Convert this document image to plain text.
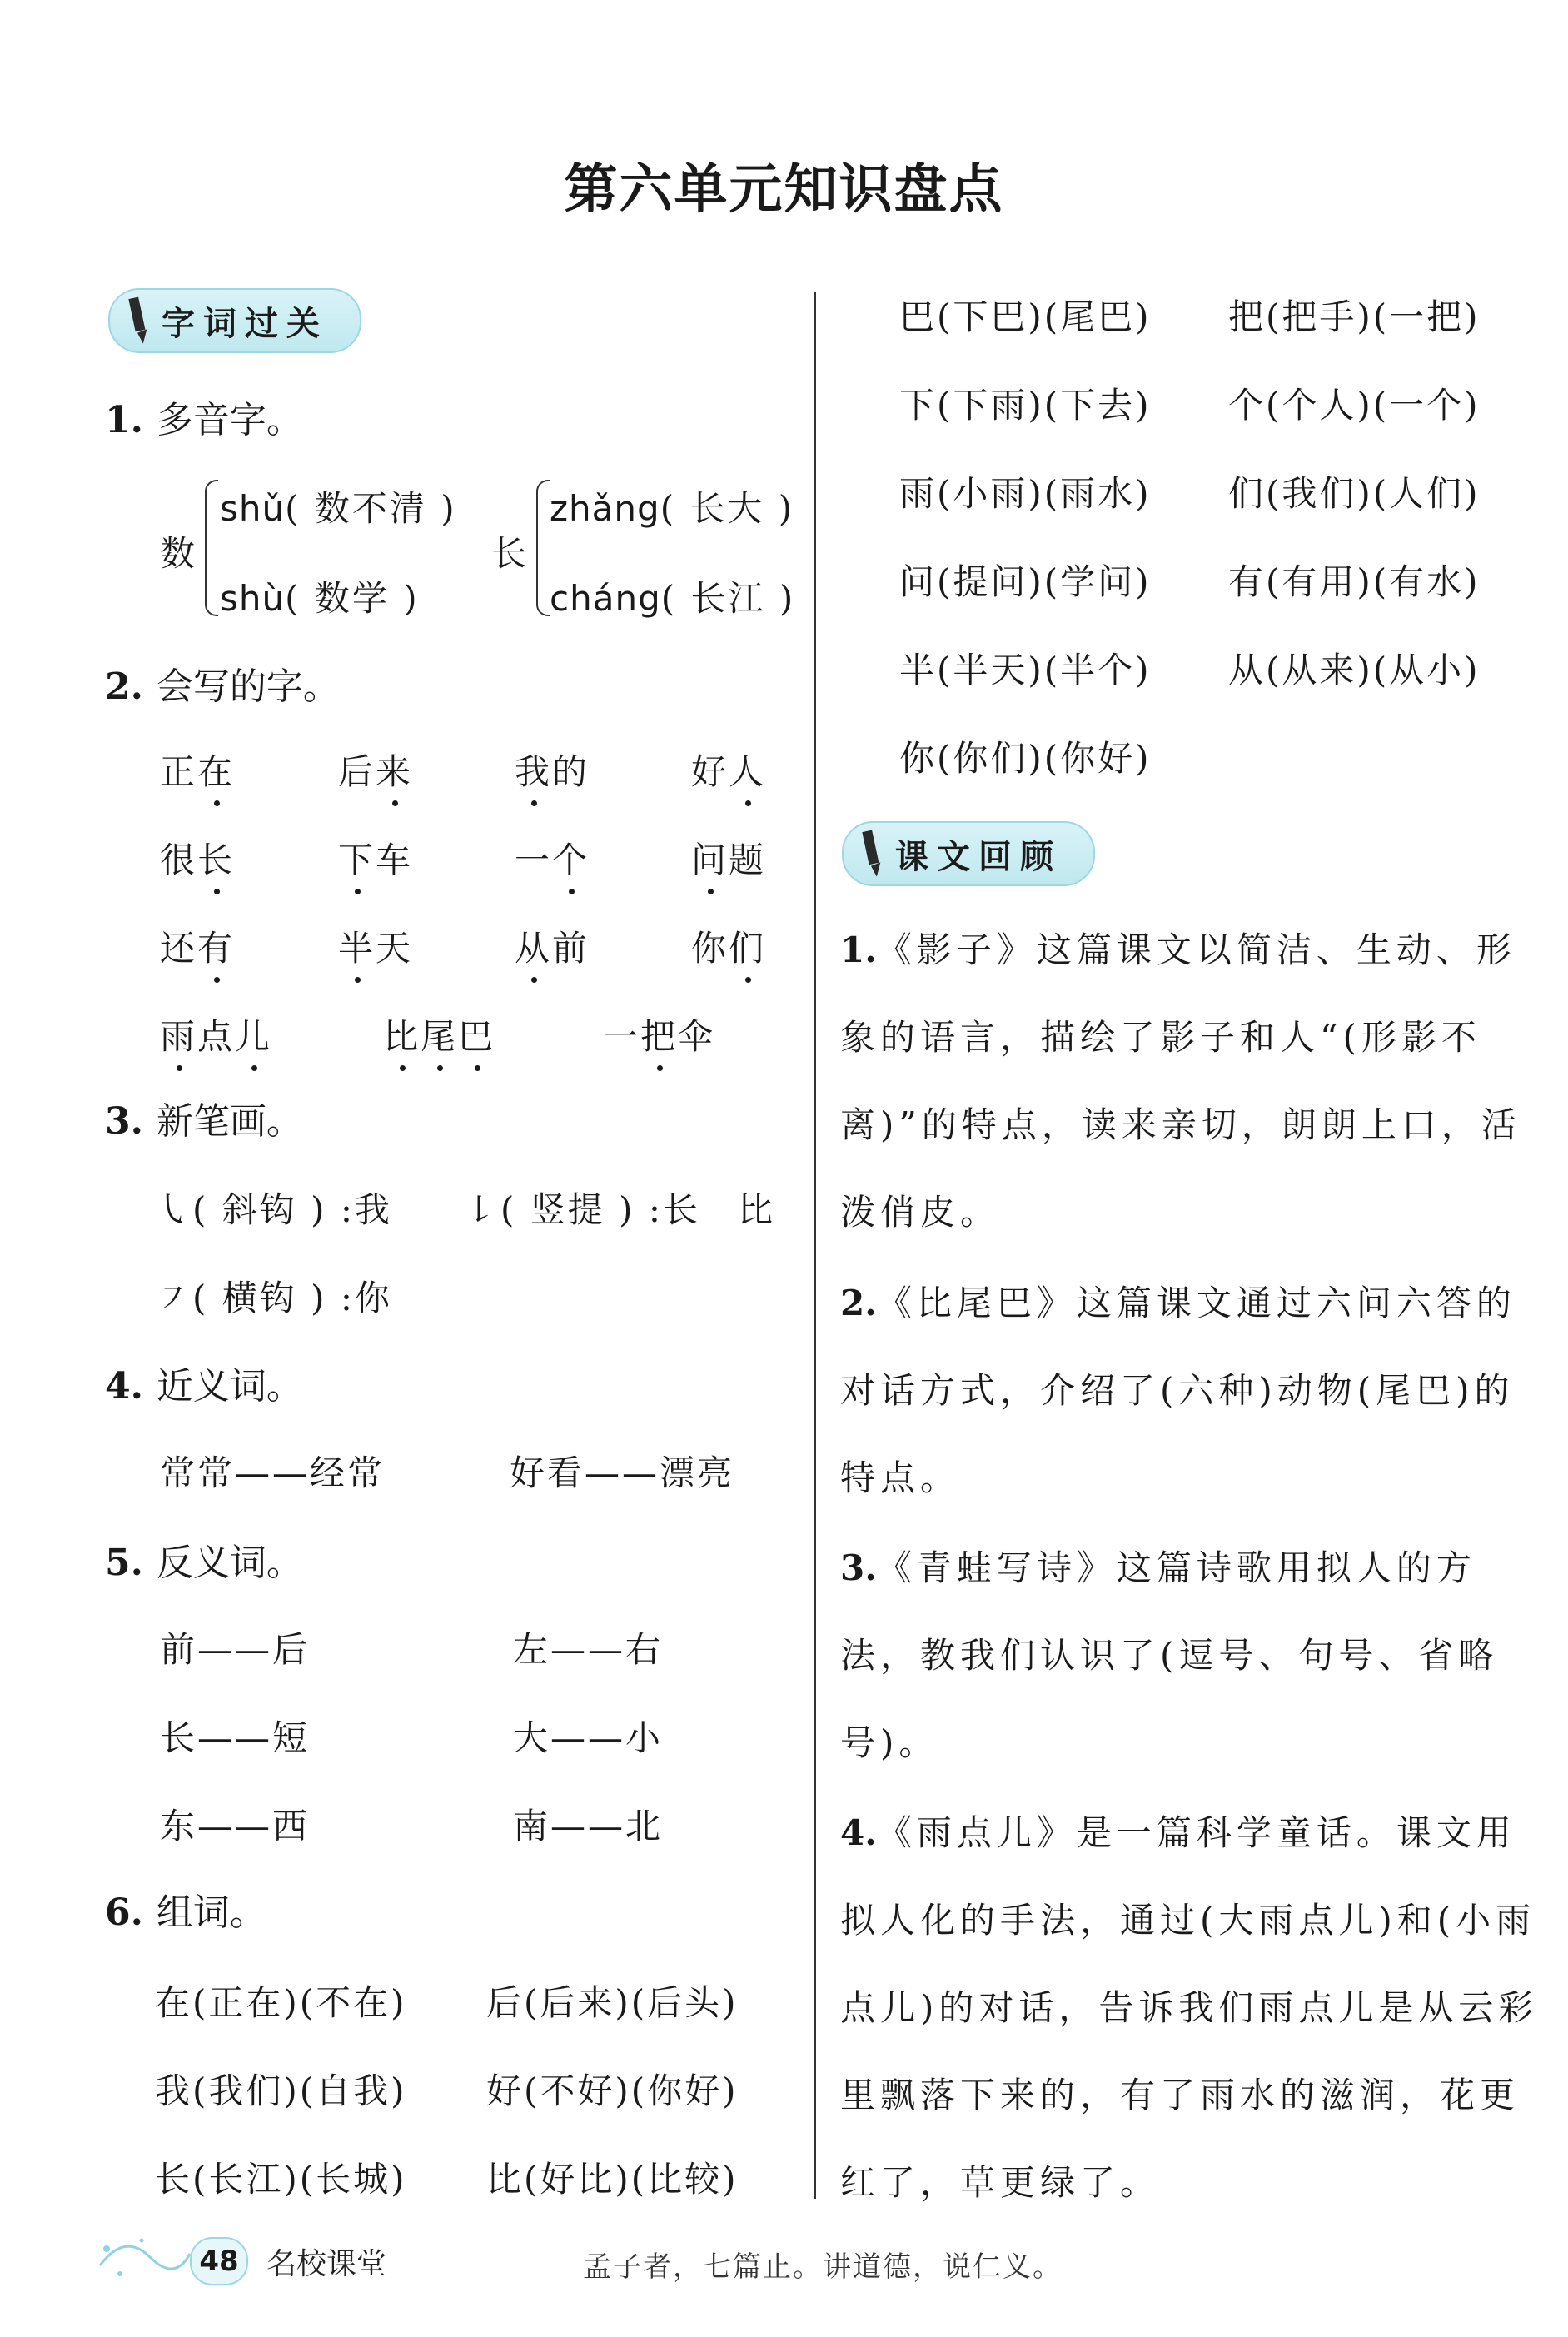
第六单元知识盘点
字词过关
1. 多音字。
数
shǔ( 数不清 )
shù( 数学 )
长
zhǎng( 长大 )
cháng( 长江 )
2. 会写的字。
正在	后来	我的	好人
很长	下车	一个	问题
还有	半天	从前	你们
雨点儿	比尾巴	一把伞
3. 新笔画。
㇂( 斜钩 ) :我 ㇙( 竖提 ) :长　比
㇇( 横钩 ) :你
4. 近义词。
常常——经常	好看——漂亮
5. 反义词。
前——后	左——右
长——短	大——小
东——西	南——北
6. 组词。
在(正在)(不在) 后(后来)(后头)
我(我们)(自我) 好(不好)(你好)
长(长江)(长城) 比(好比)(比较)
巴(下巴)(尾巴) 把(把手)(一把)
下(下雨)(下去) 个(个人)(一个)
雨(小雨)(雨水) 们(我们)(人们)
问(提问)(学问) 有(有用)(有水)
半(半天)(半个) 从(从来)(从小)
你(你们)(你好)
课文回顾
1.《影子》这篇课文以简洁、生动、形象的语言，描绘了影子和人“(形影不离)”的特点，读来亲切，朗朗上口，活泼俏皮。
2.《比尾巴》这篇课文通过六问六答的对话方式，介绍了(六种)动物(尾巴)的特点。
3.《青蛙写诗》这篇诗歌用拟人的方法，教我们认识了(逗号、句号、省略号)。
4.《雨点儿》是一篇科学童话。课文用拟人化的手法，通过(大雨点儿)和(小雨点儿)的对话，告诉我们雨点儿是从云彩里飘落下来的，有了雨水的滋润，花更红了，草更绿了。
48 名校课堂	孟子者，七篇止。讲道德，说仁义。
